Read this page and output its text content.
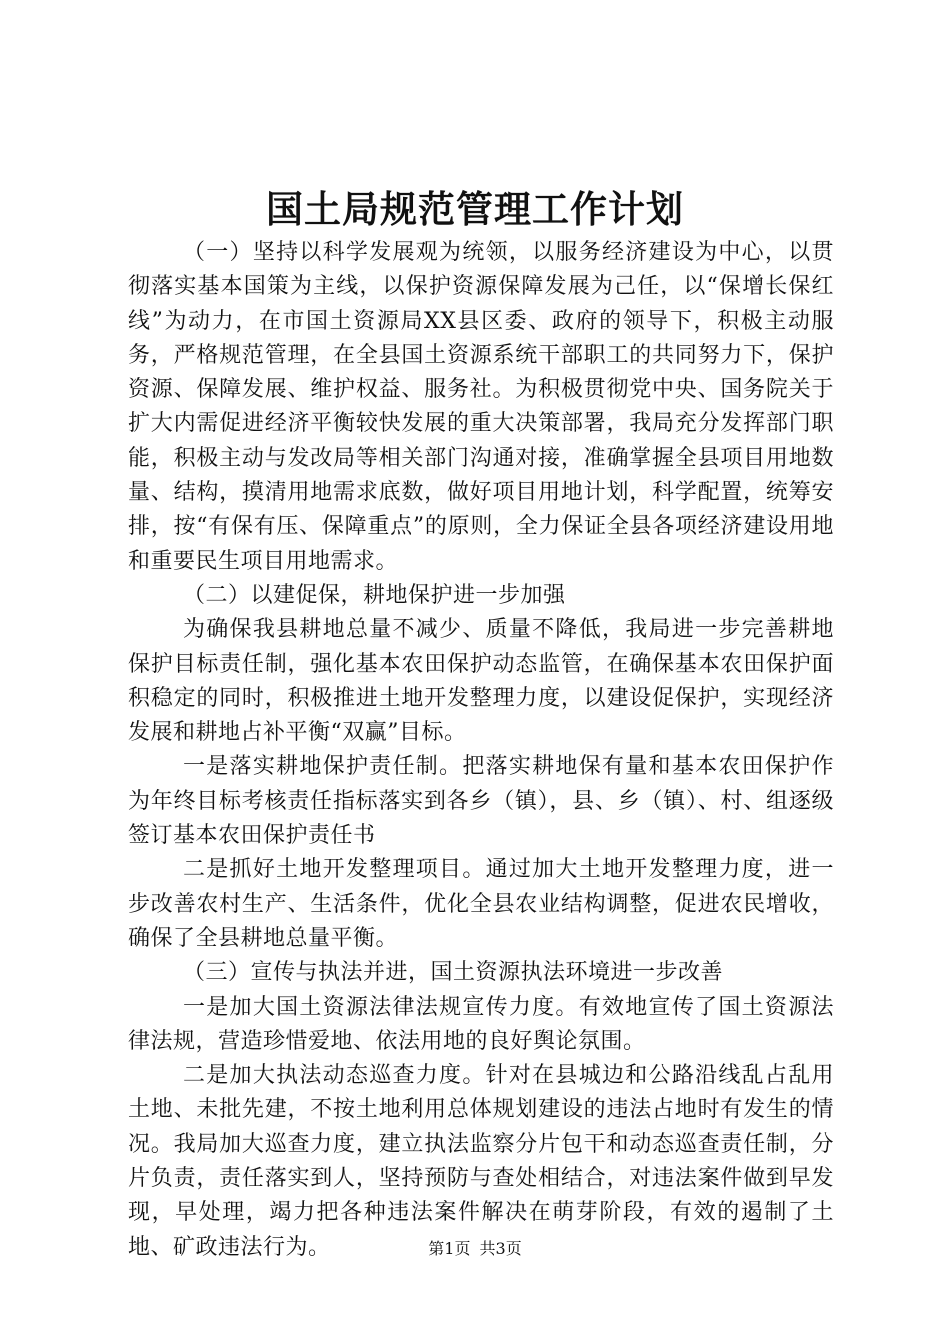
国土局规范管理工作计划

（一）坚持以科学发展观为统领，以服务经济建设为中心，以贯彻落实基本国策为主线，以保护资源保障发展为己任，以“保增长保红线”为动力，在市国土资源局XX县区委、政府的领导下，积极主动服务，严格规范管理，在全县国土资源系统干部职工的共同努力下，保护资源、保障发展、维护权益、服务社。为积极贯彻党中央、国务院关于扩大内需促进经济平衡较快发展的重大决策部署，我局充分发挥部门职能，积极主动与发改局等相关部门沟通对接，准确掌握全县项目用地数量、结构，摸清用地需求底数，做好项目用地计划，科学配置，统筹安排，按“有保有压、保障重点”的原则，全力保证全县各项经济建设用地和重要民生项目用地需求。

（二）以建促保，耕地保护进一步加强

为确保我县耕地总量不减少、质量不降低，我局进一步完善耕地保护目标责任制，强化基本农田保护动态监管，在确保基本农田保护面积稳定的同时，积极推进土地开发整理力度，以建设促保护，实现经济发展和耕地占补平衡“双赢”目标。

一是落实耕地保护责任制。把落实耕地保有量和基本农田保护作为年终目标考核责任指标落实到各乡（镇），县、乡（镇）、村、组逐级签订基本农田保护责任书

二是抓好土地开发整理项目。通过加大土地开发整理力度，进一步改善农村生产、生活条件，优化全县农业结构调整，促进农民增收，确保了全县耕地总量平衡。

（三）宣传与执法并进，国土资源执法环境进一步改善

一是加大国土资源法律法规宣传力度。有效地宣传了国土资源法律法规，营造珍惜爱地、依法用地的良好舆论氛围。

二是加大执法动态巡查力度。针对在县城边和公路沿线乱占乱用土地、未批先建，不按土地利用总体规划建设的违法占地时有发生的情况。我局加大巡查力度，建立执法监察分片包干和动态巡查责任制，分片负责，责任落实到人，坚持预防与查处相结合，对违法案件做到早发现，早处理，竭力把各种违法案件解决在萌芽阶段，有效的遏制了土地、矿政违法行为。	第1页 共3页
